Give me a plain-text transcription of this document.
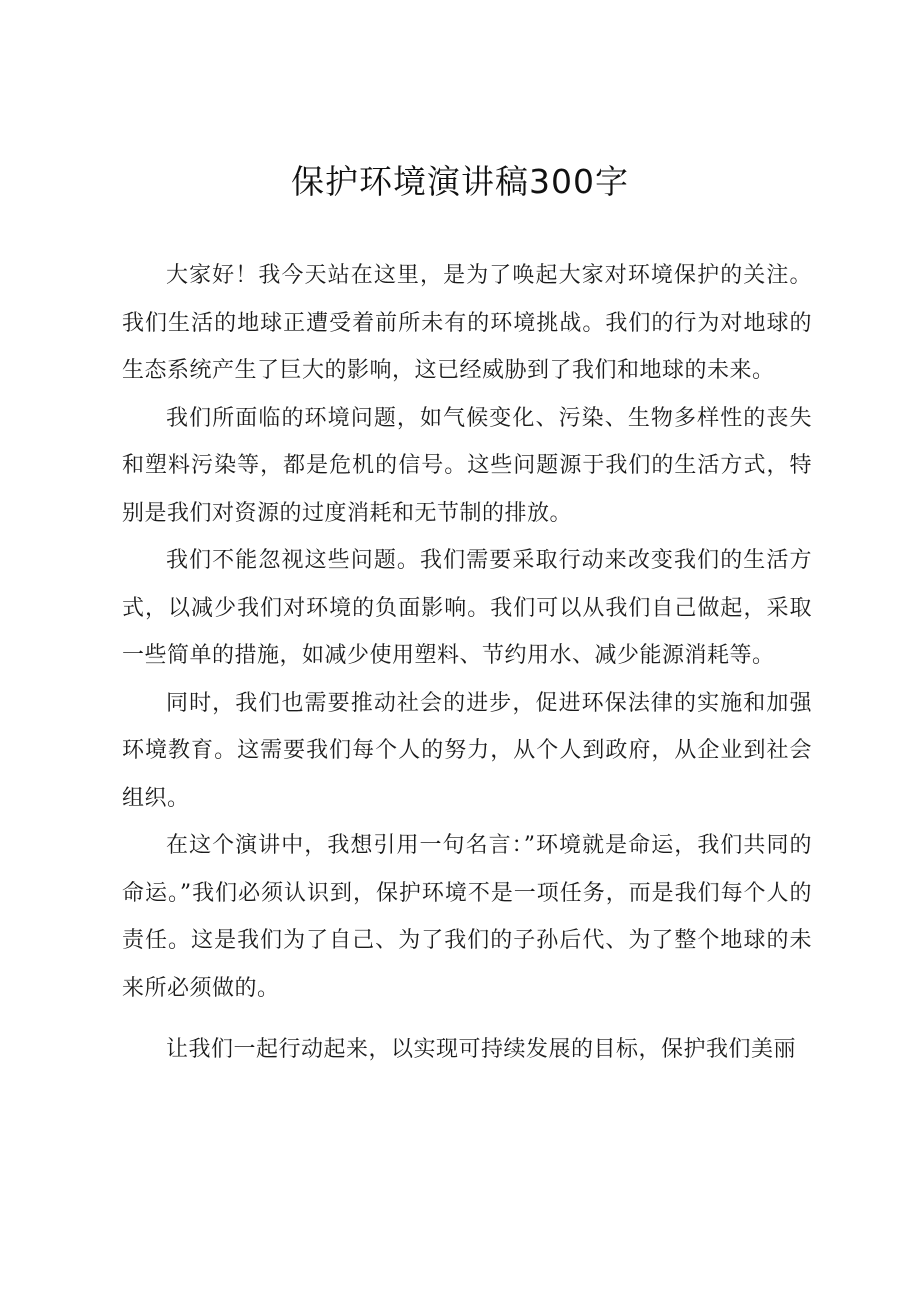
保护环境演讲稿300字

大家好！我今天站在这里，是为了唤起大家对环境保护的关注。我们生活的地球正遭受着前所未有的环境挑战。我们的行为对地球的生态系统产生了巨大的影响，这已经威胁到了我们和地球的未来。

我们所面临的环境问题，如气候变化、污染、生物多样性的丧失和塑料污染等，都是危机的信号。这些问题源于我们的生活方式，特别是我们对资源的过度消耗和无节制的排放。

我们不能忽视这些问题。我们需要采取行动来改变我们的生活方式，以减少我们对环境的负面影响。我们可以从我们自己做起，采取一些简单的措施，如减少使用塑料、节约用水、减少能源消耗等。

同时，我们也需要推动社会的进步，促进环保法律的实施和加强环境教育。这需要我们每个人的努力，从个人到政府，从企业到社会组织。

在这个演讲中，我想引用一句名言：”环境就是命运，我们共同的命运。”我们必须认识到，保护环境不是一项任务，而是我们每个人的责任。这是我们为了自己、为了我们的子孙后代、为了整个地球的未来所必须做的。

让我们一起行动起来，以实现可持续发展的目标，保护我们美丽
